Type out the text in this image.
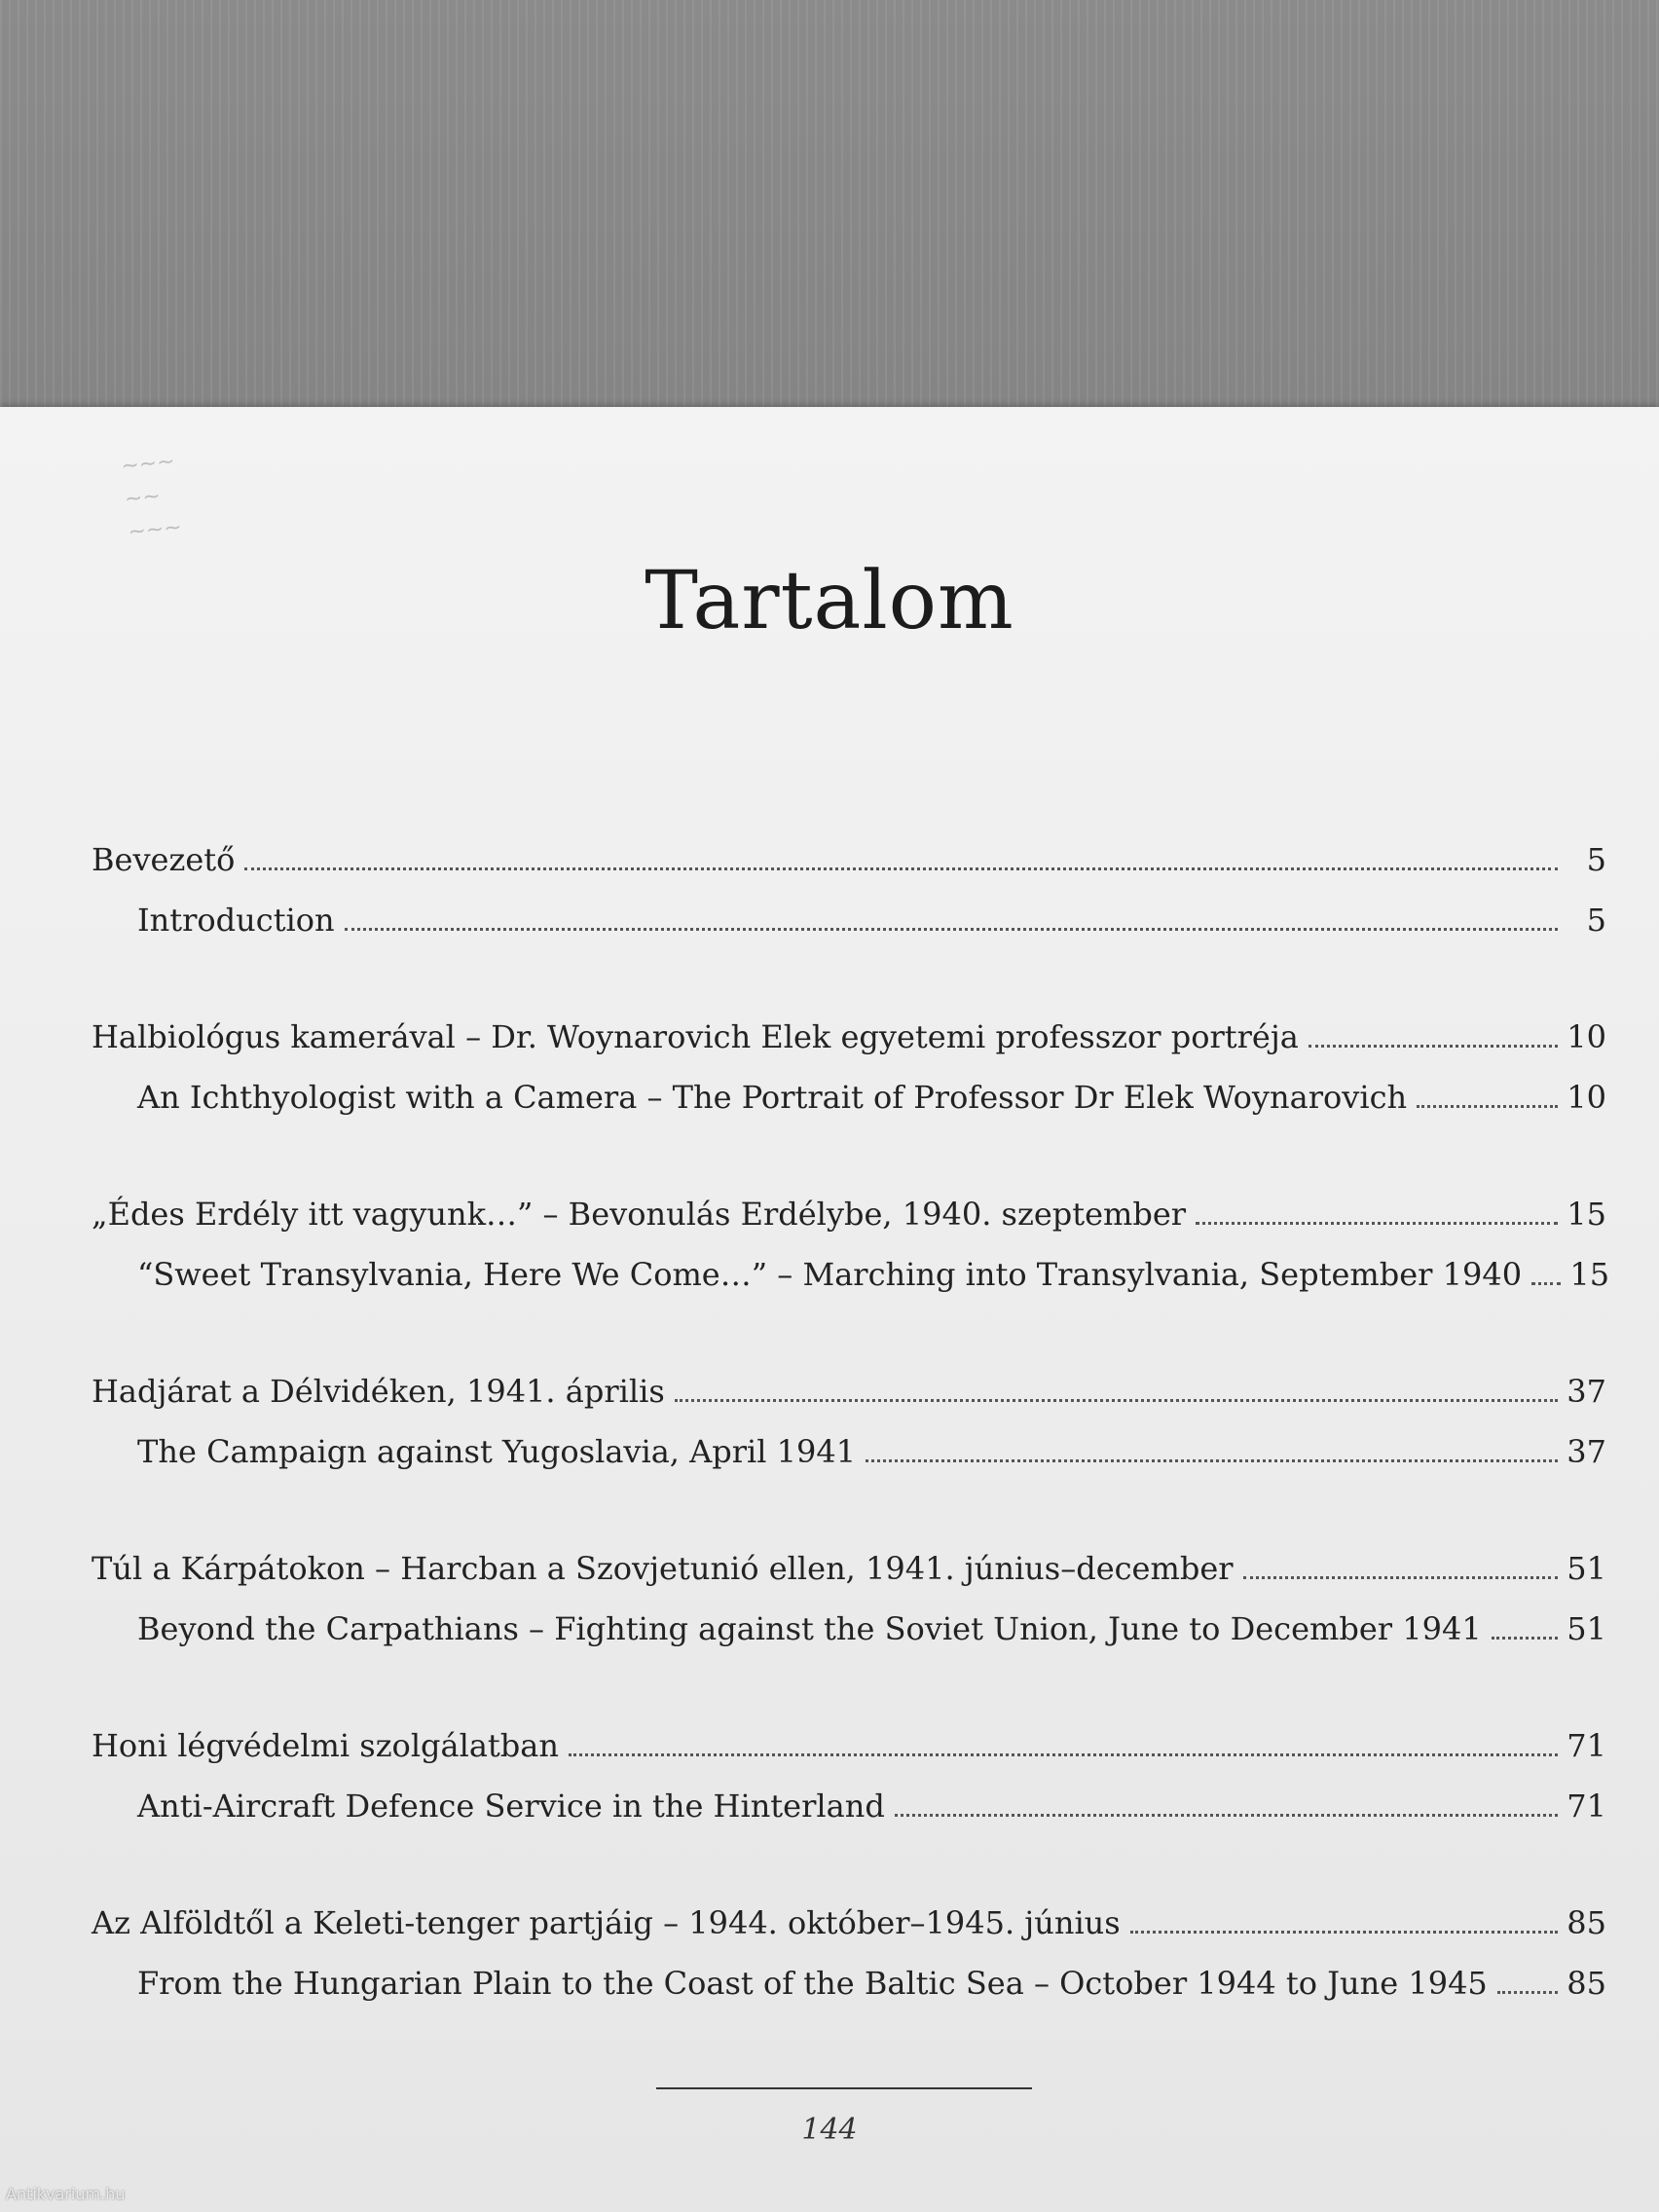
~~~
~~
~~~
Tartalom
Bevezető	5
Introduction	5
Halbiológus kamerával – Dr. Woynarovich Elek egyetemi professzor portréja	10
An Ichthyologist with a Camera – The Portrait of Professor Dr Elek Woynarovich	10
„Édes Erdély itt vagyunk…” – Bevonulás Erdélybe, 1940. szeptember	15
“Sweet Transylvania, Here We Come…” – Marching into Transylvania, September 1940 15
Hadjárat a Délvidéken, 1941. április	37
The Campaign against Yugoslavia, April 1941	37
Túl a Kárpátokon – Harcban a Szovjetunió ellen, 1941. június–december	51
Beyond the Carpathians – Fighting against the Soviet Union, June to December 1941	51
Honi légvédelmi szolgálatban	71
Anti-Aircraft Defence Service in the Hinterland	71
Az Alföldtől a Keleti-tenger partjáig – 1944. október–1945. június	85
From the Hungarian Plain to the Coast of the Baltic Sea – October 1944 to June 1945	85
144
Antikvarium.hu
